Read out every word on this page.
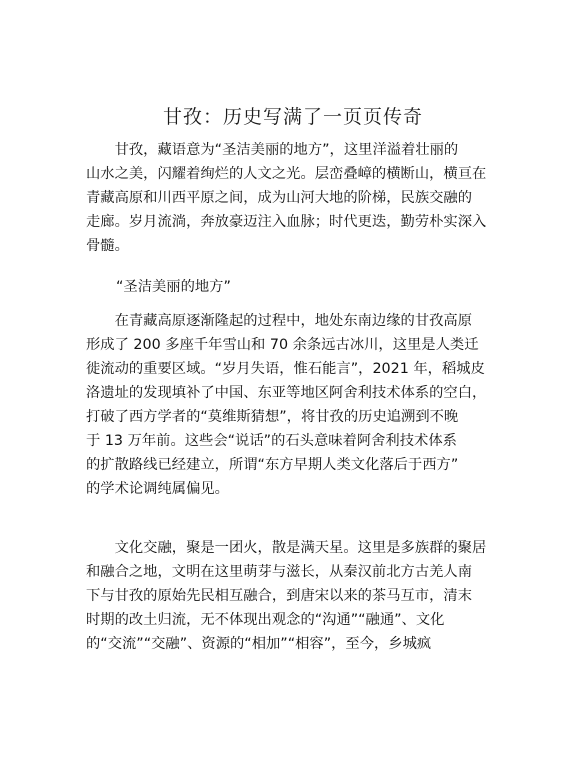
甘孜：历史写满了一页页传奇
　　甘孜，藏语意为“圣洁美丽的地方”，这里洋溢着壮丽的
山水之美，闪耀着绚烂的人文之光。层峦叠嶂的横断山，横亘在
青藏高原和川西平原之间，成为山河大地的阶梯，民族交融的
走廊。岁月流淌，奔放豪迈注入血脉；时代更迭，勤劳朴实深入
骨髓。
“圣洁美丽的地方”
　　在青藏高原逐渐隆起的过程中，地处东南边缘的甘孜高原
形成了 200 多座千年雪山和 70 余条远古冰川，这里是人类迁
徙流动的重要区域。“岁月失语，惟石能言”，2021 年，稻城皮
洛遗址的发现填补了中国、东亚等地区阿舍利技术体系的空白，
打破了西方学者的“莫维斯猜想”，将甘孜的历史追溯到不晚
于 13 万年前。这些会“说话”的石头意味着阿舍利技术体系
的扩散路线已经建立，所谓“东方早期人类文化落后于西方”
的学术论调纯属偏见。
　　文化交融，聚是一团火，散是满天星。这里是多族群的聚居
和融合之地，文明在这里萌芽与滋长，从秦汉前北方古羌人南
下与甘孜的原始先民相互融合，到唐宋以来的茶马互市，清末
时期的改土归流，无不体现出观念的“沟通”“融通”、文化
的“交流”“交融”、资源的“相加”“相容”，至今，乡城疯
